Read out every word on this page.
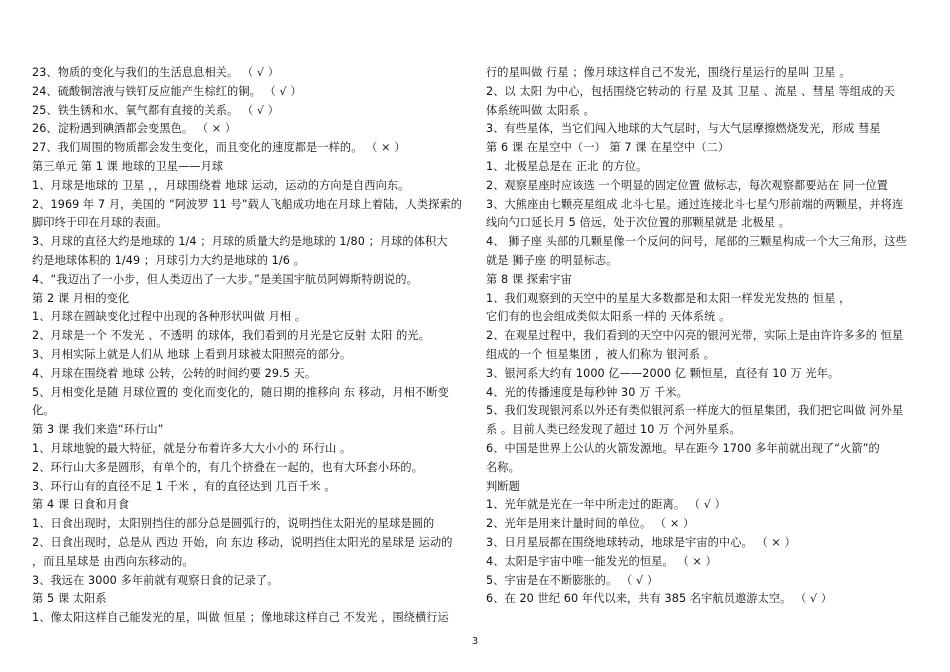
23、物质的变化与我们的生活息息相关。 （ √ ）
24、硫酸铜溶液与铁钉反应能产生棕红的铜。 （ √ ）
25、铁生锈和水、氧气都有直接的关系。 （ √ ）
26、淀粉遇到碘酒都会变黑色。 （ × ）
27、我们周围的物质都会发生变化，而且变化的速度都是一样的。 （ × ）
第三单元 第 1 课 地球的卫星——月球
1、月球是地球的 卫星 ，，月球围绕着 地球 运动，运动的方向是自西向东。
2、1969 年 7 月，美国的 “阿波罗 11 号”载人飞船成功地在月球上着陆，人类探索的
脚印终于印在月球的表面。
3、月球的直径大约是地球的 1/4 ；月球的质量大约是地球的 1/80 ；月球的体积大
约是地球体积的 1/49 ；月球引力大约是地球的 1/6 。
4、“我迈出了一小步，但人类迈出了一大步。”是美国宇航员阿姆斯特朗说的。
第 2 课 月相的变化
1、月球在圆缺变化过程中出现的各种形状叫做 月相 。
2、月球是一个 不发光 、不透明 的球体，我们看到的月光是它反射 太阳 的光。
3、月相实际上就是人们从 地球 上看到月球被太阳照亮的部分。
4、月球在围绕着 地球 公转，公转的时间约要 29.5 天。
5、月相变化是随 月球位置的 变化而变化的，随日期的推移向 东 移动，月相不断变
化。
第 3 课 我们来造“环行山”
1、月球地貌的最大特征，就是分布着许多大大小小的 环行山 。
2、环行山大多是圆形，有单个的，有几个挤叠在一起的，也有大环套小环的。
3、环行山有的直径不足 1 千米 ，有的直径达到 几百千米 。
第 4 课 日食和月食
1、日食出现时，太阳别挡住的部分总是圆弧行的，说明挡住太阳光的星球是圆的
2、日食出现时，总是从 西边 开始，向 东边 移动，说明挡住太阳光的星球是 运动的
，而且星球是 由西向东移动的。
3、我远在 3000 多年前就有观察日食的记录了。
第 5 课 太阳系
1、像太阳这样自己能发光的星，叫做 恒星 ；像地球这样自己 不发光 ，围绕横行运
行的星叫做 行星 ；像月球这样自己不发光，围绕行星运行的星叫 卫星 。
2、以 太阳 为中心，包括围绕它转动的 行星 及其 卫星 、流星 、彗星 等组成的天
体系统叫做 太阳系 。
3、有些星体，当它们闯入地球的大气层时，与大气层摩擦燃烧发光，形成 彗星
第 6 课 在星空中（一） 第 7 课 在星空中（二）
1、北极星总是在 正北 的方位。
2、观察星座时应该选 一个明显的固定位置 做标志，每次观察都要站在 同一位置
3、大熊座由七颗亮星组成 北斗七星。通过连接北斗七星勺形前端的两颗星，并将连
线向勺口延长月 5 倍远，处于次位置的那颗星就是 北极星 。
4、 狮子座 头部的几颗星像一个反问的问号，尾部的三颗星构成一个大三角形，这些
就是 狮子座 的明显标志。
第 8 课 探索宇宙
1、我们观察到的天空中的星星大多数都是和太阳一样发光发热的 恒星 ，
它们有的也会组成类似太阳系一样的 天体系统 。
2、在观星过程中，我们看到的天空中闪亮的银河光带，实际上是由许许多多的 恒星
组成的一个 恒星集团 ，被人们称为 银河系 。
3、银河系大约有 1000 亿——2000 亿 颗恒星，直径有 10 万 光年。
4、光的传播速度是每秒钟 30 万 千米。
5、我们发现银河系以外还有类似银河系一样庞大的恒星集团，我们把它叫做 河外星
系 。目前人类已经发现了超过 10 万 个河外星系。
6、中国是世界上公认的火箭发源地。早在距今 1700 多年前就出现了“火箭”的
名称。
判断题
1、光年就是光在一年中所走过的距离。 （ √ ）
2、光年是用来计量时间的单位。 （ × ）
3、日月星辰都在围绕地球转动，地球是宇宙的中心。 （ × ）
4、太阳是宇宙中唯一能发光的恒星。 （ × ）
5、宇宙是在不断膨胀的。 （ √ ）
6、在 20 世纪 60 年代以来，共有 385 名宇航员遨游太空。 （ √ ）
3
